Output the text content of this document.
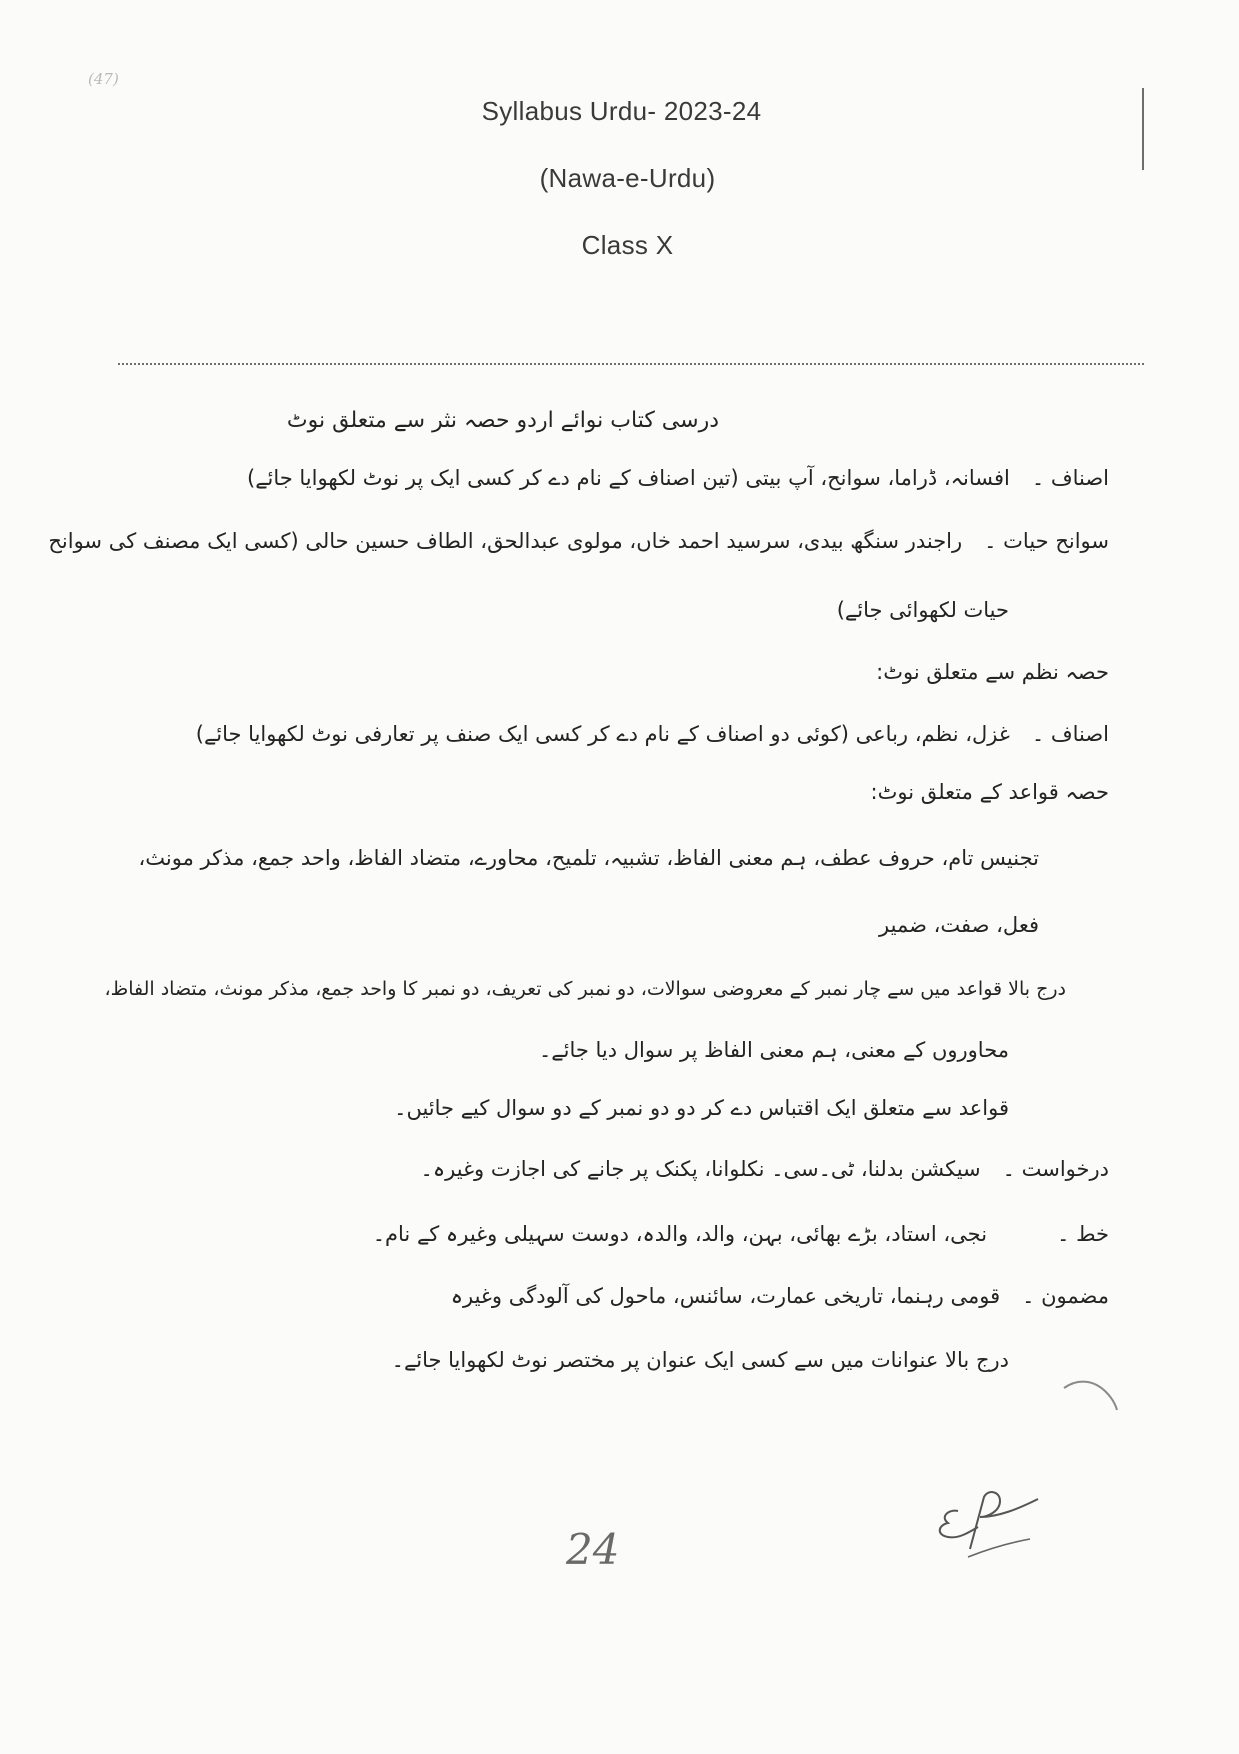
(47)
Syllabus Urdu- 2023-24
(Nawa-e-Urdu)
Class X
درسی کتاب نوائے اردو حصہ نثر سے متعلق نوٹ
اصناف ۔افسانہ، ڈراما، سوانح، آپ بیتی (تین اصناف کے نام دے کر کسی ایک پر نوٹ لکھوایا جائے)
سوانح حیات ۔راجندر سنگھ بیدی، سرسید احمد خاں، مولوی عبدالحق، الطاف حسین حالی (کسی ایک مصنف کی سوانح
حیات لکھوائی جائے)
حصہ نظم سے متعلق نوٹ:
اصناف ۔غزل، نظم، رباعی (کوئی دو اصناف کے نام دے کر کسی ایک صنف پر تعارفی نوٹ لکھوایا جائے)
حصہ قواعد کے متعلق نوٹ:
تجنیس تام، حروف عطف، ہم معنی الفاظ، تشبیہ، تلمیح، محاورے، متضاد الفاظ، واحد جمع، مذکر مونث،
فعل، صفت، ضمیر
درج بالا قواعد میں سے چار نمبر کے معروضی سوالات، دو نمبر کی تعریف، دو نمبر کا واحد جمع، مذکر مونث، متضاد الفاظ،
محاوروں کے معنی، ہم معنی الفاظ پر سوال دیا جائے۔
قواعد سے متعلق ایک اقتباس دے کر دو دو نمبر کے دو سوال کیے جائیں۔
درخواست ۔سیکشن بدلنا، ٹی۔سی۔ نکلوانا، پکنک پر جانے کی اجازت وغیرہ۔
خط ۔نجی، استاد، بڑے بھائی، بہن، والد، والدہ، دوست سہیلی وغیرہ کے نام۔
مضمون ۔قومی رہنما، تاریخی عمارت، سائنس، ماحول کی آلودگی وغیرہ
درج بالا عنوانات میں سے کسی ایک عنوان پر مختصر نوٹ لکھوایا جائے۔
24
